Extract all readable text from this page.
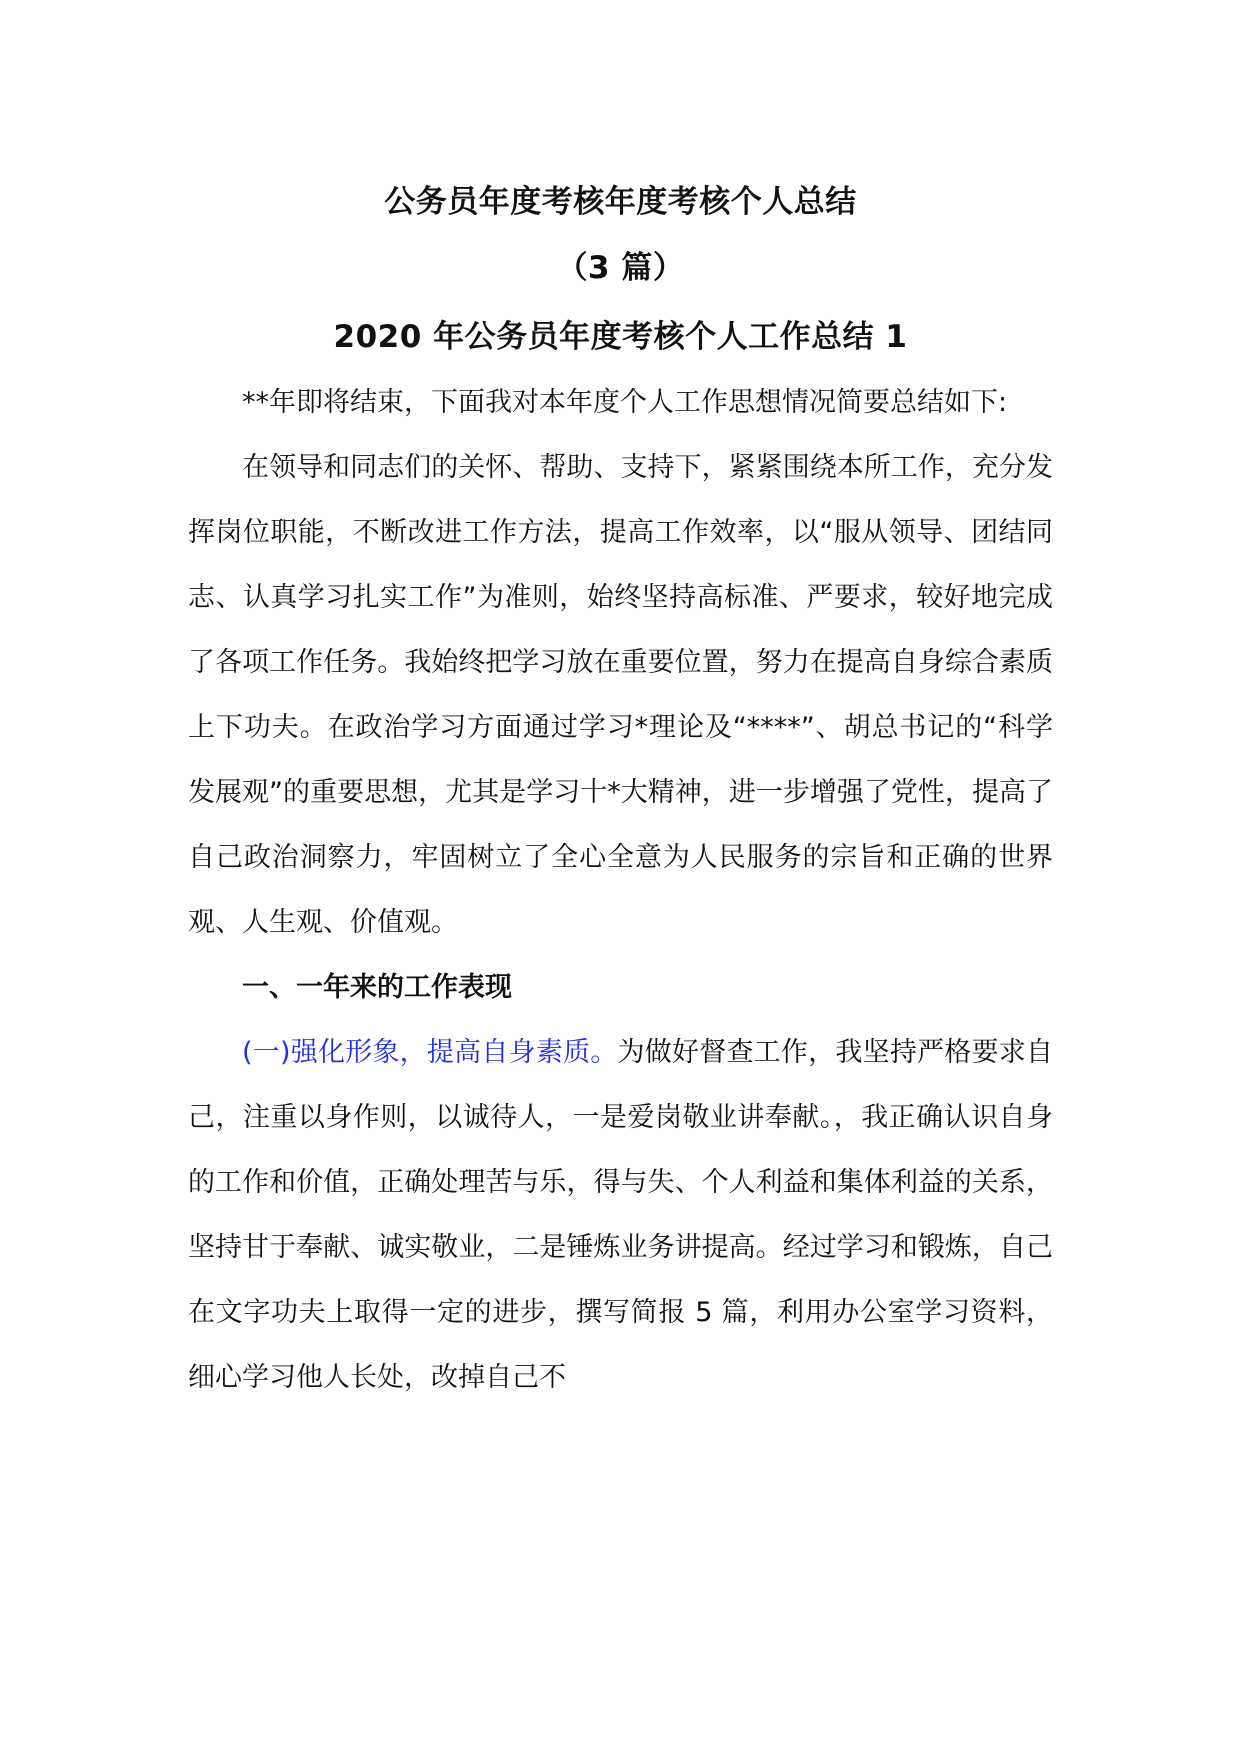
公务员年度考核年度考核个人总结

（3 篇）

2020 年公务员年度考核个人工作总结 1

**年即将结束，下面我对本年度个人工作思想情况简要总结如下:

在领导和同志们的关怀、帮助、支持下，紧紧围绕本所工作，充分发挥岗位职能，不断改进工作方法，提高工作效率，以“服从领导、团结同志、认真学习扎实工作”为准则，始终坚持高标准、严要求，较好地完成了各项工作任务。我始终把学习放在重要位置，努力在提高自身综合素质上下功夫。在政治学习方面通过学习*理论及“****”、胡总书记的“科学发展观”的重要思想，尤其是学习十*大精神，进一步增强了党性，提高了自己政治洞察力，牢固树立了全心全意为人民服务的宗旨和正确的世界观、人生观、价值观。

一、一年来的工作表现

(一)强化形象，提高自身素质。为做好督查工作，我坚持严格要求自己，注重以身作则，以诚待人，一是爱岗敬业讲奉献。，我正确认识自身的工作和价值，正确处理苦与乐，得与失、个人利益和集体利益的关系，坚持甘于奉献、诚实敬业，二是锤炼业务讲提高。经过学习和锻炼，自己在文字功夫上取得一定的进步，撰写简报 5 篇，利用办公室学习资料，细心学习他人长处，改掉自己不
